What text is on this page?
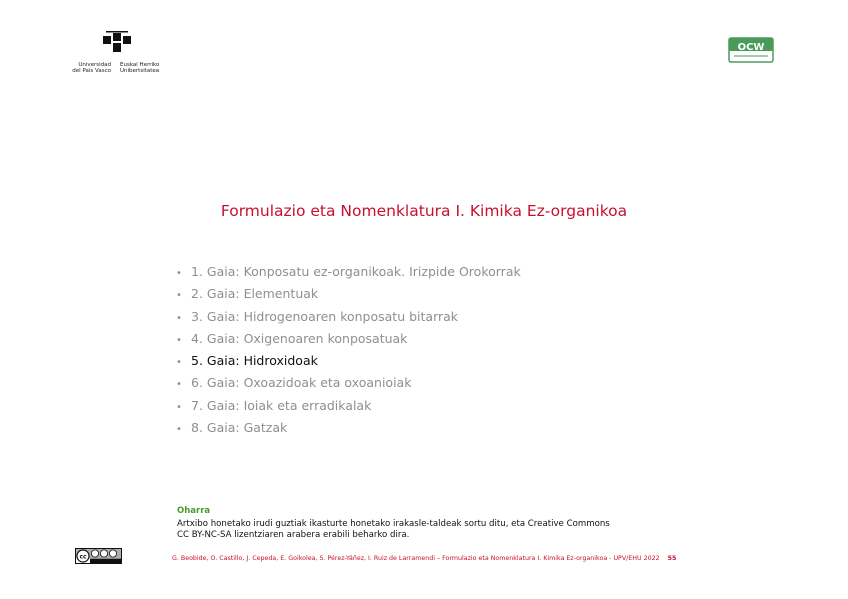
Universidad
del País Vasco
Euskal Herriko
Unibertsitatea
OCW
Formulazio eta Nomenklatura I. Kimika Ez-organikoa
• 1. Gaia: Konposatu ez-organikoak. Irizpide Orokorrak
• 2. Gaia: Elementuak
• 3. Gaia: Hidrogenoaren konposatu bitarrak
• 4. Gaia: Oxigenoaren konposatuak
• 5. Gaia: Hidroxidoak
• 6. Gaia: Oxoazidoak eta oxoanioiak
• 7. Gaia: Ioiak eta erradikalak
• 8. Gaia: Gatzak
Oharra
Artxibo honetako irudi guztiak ikasturte honetako irakasle-taldeak sortu ditu, eta Creative Commons
CC BY-NC-SA lizentziaren arabera erabili beharko dira.
cc	G. Beobide, O. Castillo, J. Cepeda, E. Goikolea, S. Pérez-Yáñez, I. Ruiz de Larramendi – Formulazio eta Nomenklatura I. Kimika Ez-organikoa - UPV/EHU 2022 55
